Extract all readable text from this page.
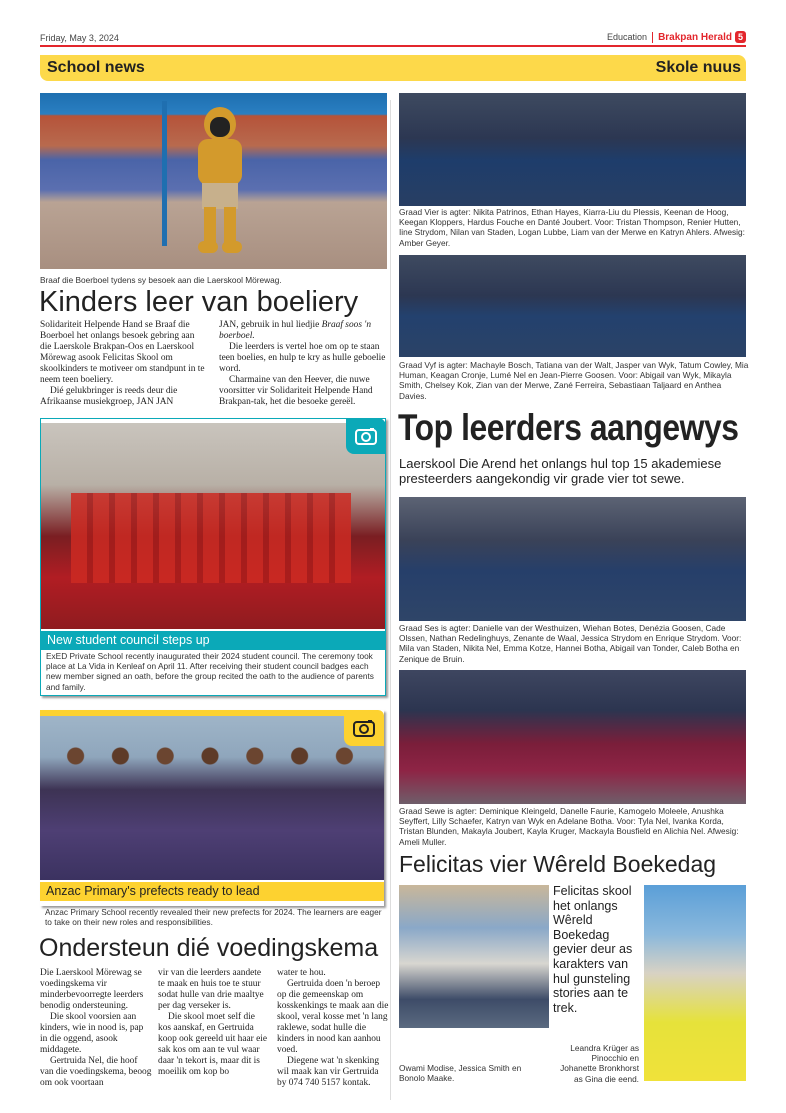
Friday, May 3, 2024	Education Brakpan Herald 5
School news	Skole nuus
Braaf die Boerboel tydens sy besoek aan die Laerskool Mörewag.
Kinders leer van boeliery

Solidariteit Helpende Hand se Braaf die Boerboel het onlangs besoek gebring aan die Laerskole Brakpan-Oos en Laerskool Mörewag asook Felicitas Skool om skoolkinders te motiveer om standpunt in te neem teen boeliery.

Dié gelukbringer is reeds deur die Afrikaanse musiekgroep, JAN JAN

JAN, gebruik in hul liedjie Braaf soos 'n boerboel.

Die leerders is vertel hoe om op te staan teen boelies, en hulp te kry as hulle geboelie word.

Charmaine van den Heever, die nuwe voorsitter vir Solidariteit Helpende Hand Brakpan-tak, het die besoeke gereël.

New student council steps up
ExED Private School recently inaugurated their 2024 student council. The ceremony took place at La Vida in Kenleaf on April 11. After receiving their student council badges each new member signed an oath, before the group recited the oath to the audience of parents and family.
Anzac Primary's prefects ready to lead
Anzac Primary School recently revealed their new prefects for 2024. The learners are eager to take on their new roles and responsibilities.
Ondersteun dié voedingskema

Die Laerskool Mörewag se voedingskema vir minderbevoorregte leerders benodig ondersteuning.

Die skool voorsien aan kinders, wie in nood is, pap in die oggend, asook middagete.

Gertruida Nel, die hoof van die voedingskema, beoog om ook voortaan

vir van die leerders aandete te maak en huis toe te stuur sodat hulle van drie maaltye per dag verseker is.

Die skool moet self die kos aanskaf, en Gertruida koop ook gereeld uit haar eie sak kos om aan te vul waar daar 'n tekort is, maar dit is moeilik om kop bo

water te hou.

Gertruida doen 'n beroep op die gemeenskap om kosskenkings te maak aan die skool, veral kosse met 'n lang raklewe, sodat hulle die kinders in nood kan aanhou voed.

Diegene wat 'n skenking wil maak kan vir Gertruida by 074 740 5157 kontak.

Graad Vier is agter: Nikita Patrinos, Ethan Hayes, Kiarra-Liu du Plessis, Keenan de Hoog, Keegan Kloppers, Hardus Fouche en Danté Joubert. Voor: Tristan Thompson, Renier Hutten, Iine Strydom, Nilan van Staden, Logan Lubbe, Liam van der Merwe en Katryn Ahlers. Afwesig: Amber Geyer.
Graad Vyf is agter: Machayle Bosch, Tatiana van der Walt, Jasper van Wyk, Tatum Cowley, Mia Human, Keagan Cronje, Lumé Nel en Jean-Pierre Goosen. Voor: Abigail van Wyk, Mikayla Smith, Chelsey Kok, Zian van der Merwe, Zané Ferreira, Sebastiaan Taljaard en Anthea Davies.
Top leerders aangewys
Laerskool Die Arend het onlangs hul top 15 akademiese presteerders aangekondig vir grade vier tot sewe.
Graad Ses is agter: Danielle van der Westhuizen, Wiehan Botes, Denézia Goosen, Cade Olssen, Nathan Redelinghuys, Zenante de Waal, Jessica Strydom en Enrique Strydom. Voor: Mila van Staden, Nikita Nel, Emma Kotze, Hannei Botha, Abigail van Tonder, Caleb Botha en Zenique de Bruin.
Graad Sewe is agter: Deminique Kleingeld, Danelle Faurie, Kamogelo Moleele, Anushka Seyffert, Lilly Schaefer, Katryn van Wyk en Adelane Botha. Voor: Tyla Nel, Ivanka Korda, Tristan Blunden, Makayla Joubert, Kayla Kruger, Mackayla Bousfield en Alichia Nel. Afwesig: Ameli Muller.
Felicitas vier Wêreld Boekedag
Owami Modise, Jessica Smith en Bonolo Maake.
Felicitas skool het onlangs Wêreld Boekedag gevier deur as karakters van hul gunsteling stories aan te trek.
Leandra Krüger as Pinocchio en Johanette Bronkhorst as Gina die eend.
